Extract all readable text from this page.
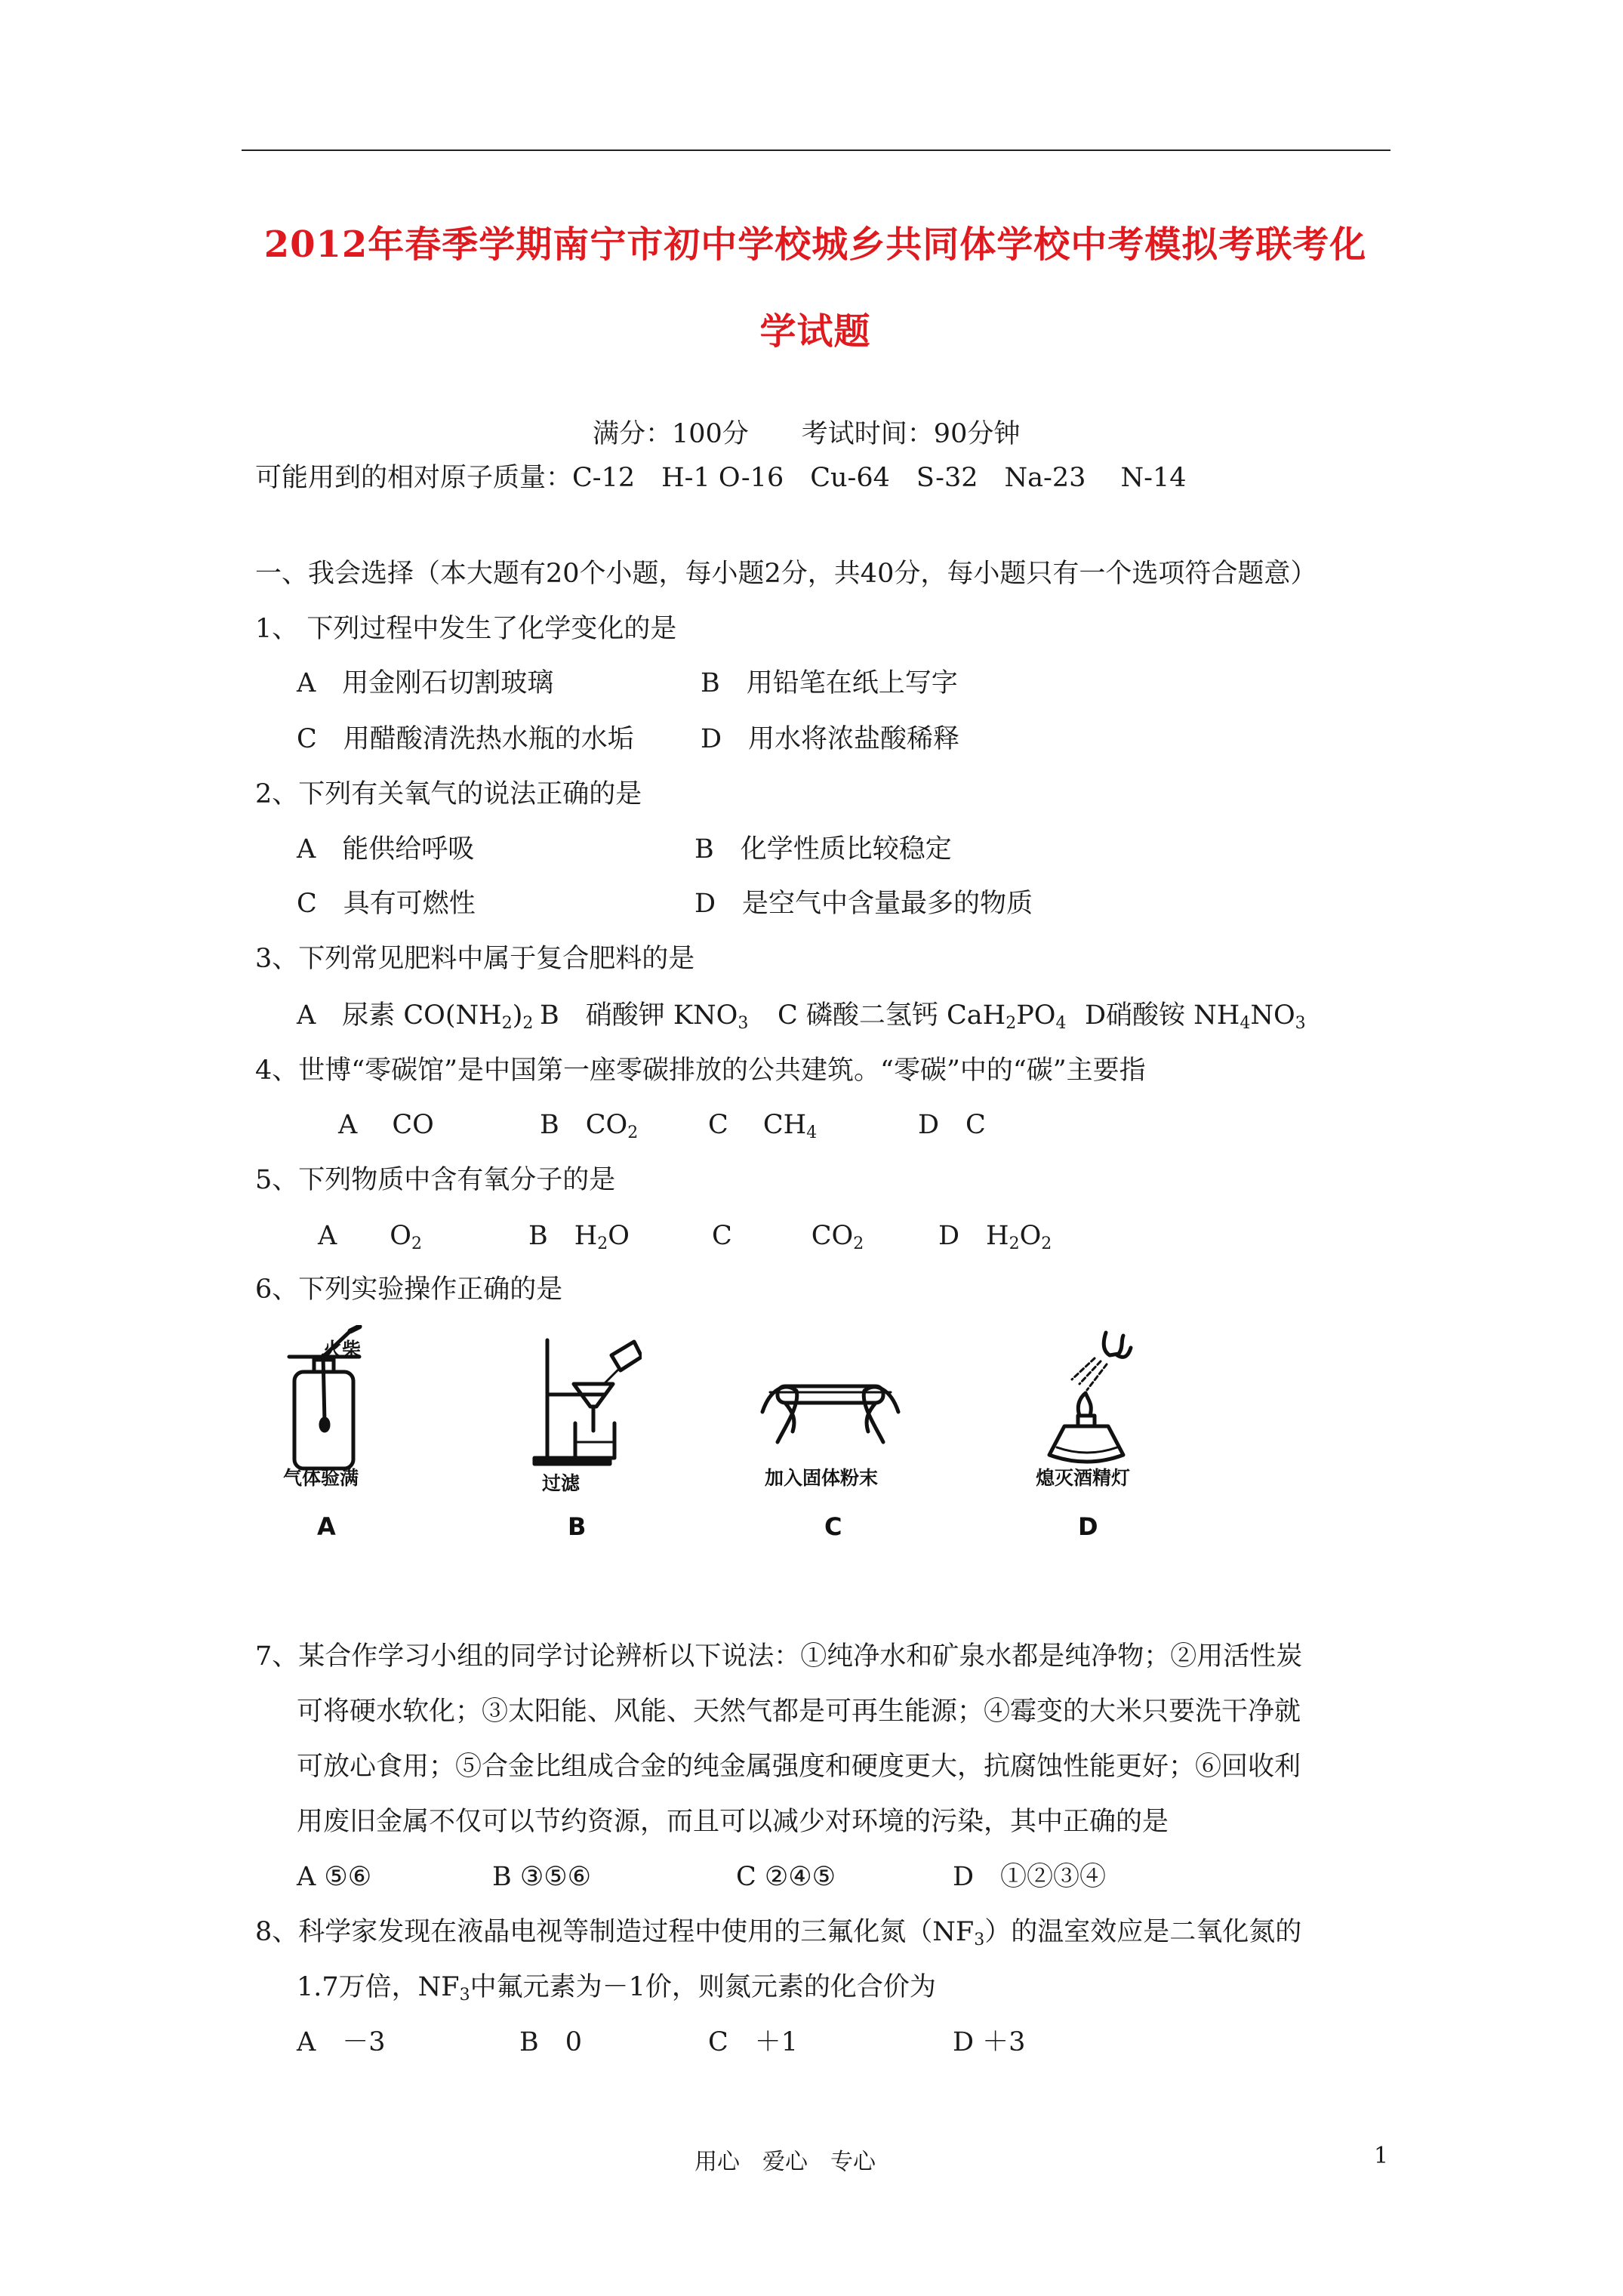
2012年春季学期南宁市初中学校城乡共同体学校中考模拟考联考化
学试题
满分：100分　　考试时间：90分钟
可能用到的相对原子质量：C-12　H-1 O-16　Cu-64　S-32　Na-23　 N-14
一、我会选择（本大题有20个小题，每小题2分，共40分，每小题只有一个选项符合题意）
1、 下列过程中发生了化学变化的是
A　用金刚石切割玻璃	B　用铅笔在纸上写字
C　用醋酸清洗热水瓶的水垢	D　用水将浓盐酸稀释
2、下列有关氧气的说法正确的是
A　能供给呼吸	B　化学性质比较稳定
C　具有可燃性	D　是空气中含量最多的物质
3、下列常见肥料中属于复合肥料的是
A　尿素 $CO(NH_2)_2$ B　硝酸钾 $KNO_3$ C 磷酸二氢钙 $CaH_2PO_4$ D硝酸铵 $NH_4NO_3$
4、世博“零碳馆”是中国第一座零碳排放的公共建筑。“零碳”中的“碳”主要指
A　 CO	B　$CO_2$	C　 $CH_4$	D　C
5、下列物质中含有氧分子的是
A　　$O_2$	B　$H_2O$	C　　　$CO_2$	D　$H_2O_2$
6、下列实验操作正确的是
火柴
气体验满
A
过滤
B
加入固体粉末
C
熄灭酒精灯
D
7、某合作学习小组的同学讨论辨析以下说法：①纯净水和矿泉水都是纯净物；②用活性炭
可将硬水软化；③太阳能、风能、天然气都是可再生能源；④霉变的大米只要洗干净就
可放心食用；⑤合金比组成合金的纯金属强度和硬度更大，抗腐蚀性能更好；⑥回收利
用废旧金属不仅可以节约资源，而且可以减少对环境的污染，其中正确的是
A ⑤⑥	B ③⑤⑥	C ②④⑤	D　①②③④
8、科学家发现在液晶电视等制造过程中使用的三氟化氮$(NF_3)$的温室效应是二氧化氮的
1.7万倍，$NF_3$中氟元素为－1价，则氮元素的化合价为
A　－3	B　0	C　＋1	D ＋3
用心　爱心　专心	1
